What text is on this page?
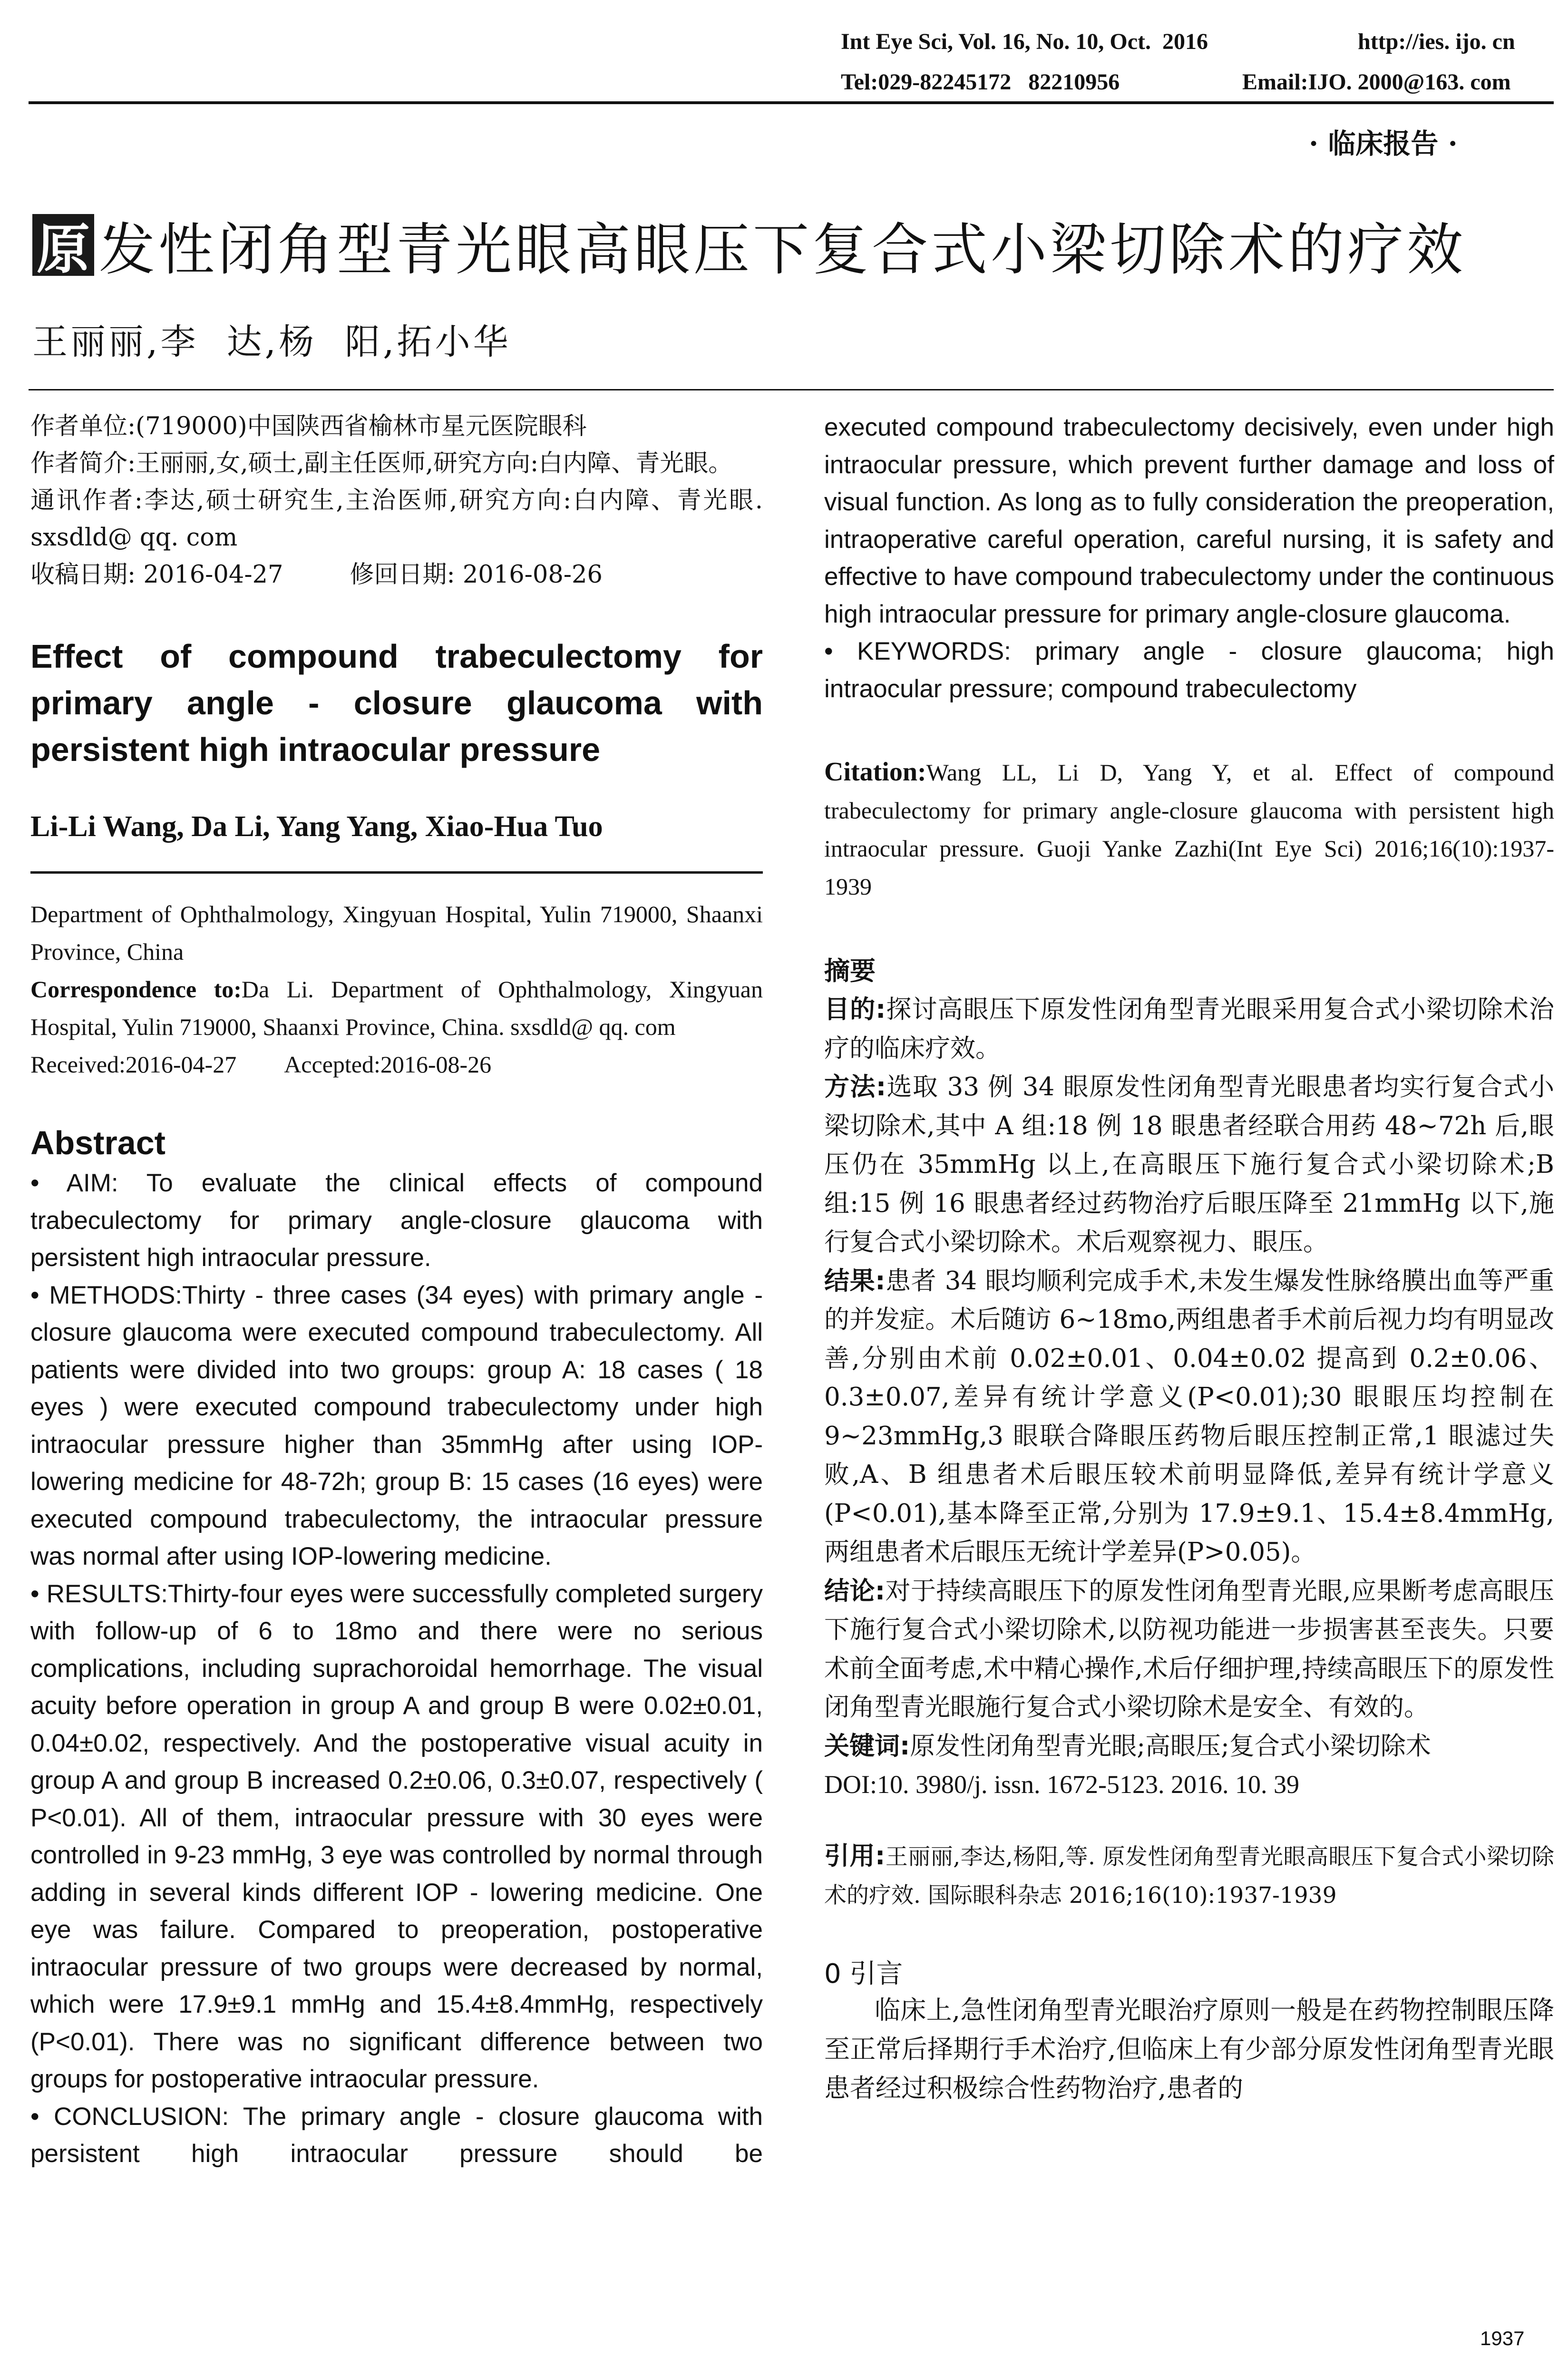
Int Eye Sci, Vol. 16, No. 10, Oct.  2016	http://ies. ijo. cn
Tel:029-82245172   82210956	Email:IJO. 2000@163. com
· 临床报告 ·
原 发性闭角型青光眼高眼压下复合式小梁切除术的疗效
王丽丽,李  达,杨  阳,拓小华

作者单位:(719000)中国陕西省榆林市星元医院眼科

作者简介:王丽丽,女,硕士,副主任医师,研究方向:白内障、青光眼。

通讯作者:李达,硕士研究生,主治医师,研究方向:白内障、青光眼. sxsdld@ qq. com

收稿日期: 2016-04-27	修回日期: 2016-08-26
Effect of compound trabeculectomy for primary angle - closure glaucoma with persistent high intraocular pressure
Li-Li Wang, Da Li, Yang Yang, Xiao-Hua Tuo

Department of Ophthalmology, Xingyuan Hospital, Yulin 719000, Shaanxi Province, China

Correspondence to:Da Li. Department of Ophthalmology, Xingyuan Hospital, Yulin 719000, Shaanxi Province, China. sxsdld@ qq. com

Received:2016-04-27 Accepted:2016-08-26
Abstract

• AIM: To evaluate the clinical effects of compound trabeculectomy for primary angle-closure glaucoma with persistent high intraocular pressure.

• METHODS:Thirty - three cases (34 eyes) with primary angle - closure glaucoma were executed compound trabeculectomy. All patients were divided into two groups: group A: 18 cases ( 18 eyes ) were executed compound trabeculectomy under high intraocular pressure higher than 35mmHg after using IOP-lowering medicine for 48-72h; group B: 15 cases (16 eyes) were executed compound trabeculectomy, the intraocular pressure was normal after using IOP-lowering medicine.

• RESULTS:Thirty-four eyes were successfully completed surgery with follow-up of 6 to 18mo and there were no serious complications, including suprachoroidal hemorrhage. The visual acuity before operation in group A and group B were 0.02±0.01, 0.04±0.02, respectively. And the postoperative visual acuity in group A and group B increased 0.2±0.06, 0.3±0.07, respectively ( P<0.01). All of them, intraocular pressure with 30 eyes were controlled in 9-23 mmHg, 3 eye was controlled by normal through adding in several kinds different IOP - lowering medicine. One eye was failure. Compared to preoperation, postoperative intraocular pressure of two groups were decreased by normal, which were 17.9±9.1 mmHg and 15.4±8.4mmHg, respectively (P<0.01). There was no significant difference between two groups for postoperative intraocular pressure.

• CONCLUSION: The primary angle - closure glaucoma with persistent high intraocular pressure should be

executed compound trabeculectomy decisively, even under high intraocular pressure, which prevent further damage and loss of visual function. As long as to fully consideration the preoperation, intraoperative careful operation, careful nursing, it is safety and effective to have compound trabeculectomy under the continuous high intraocular pressure for primary angle-closure glaucoma.

• KEYWORDS: primary angle - closure glaucoma; high intraocular pressure; compound trabeculectomy

Citation:Wang LL, Li D, Yang Y, et al. Effect of compound trabeculectomy for primary angle-closure glaucoma with persistent high intraocular pressure. Guoji Yanke Zazhi(Int Eye Sci) 2016;16(10):1937-1939

摘要

目的:探讨高眼压下原发性闭角型青光眼采用复合式小梁切除术治疗的临床疗效。

方法:选取 33 例 34 眼原发性闭角型青光眼患者均实行复合式小梁切除术,其中 A 组:18 例 18 眼患者经联合用药 48~72h 后,眼压仍在 35mmHg 以上,在高眼压下施行复合式小梁切除术;B 组:15 例 16 眼患者经过药物治疗后眼压降至 21mmHg 以下,施行复合式小梁切除术。术后观察视力、眼压。

结果:患者 34 眼均顺利完成手术,未发生爆发性脉络膜出血等严重的并发症。术后随访 6~18mo,两组患者手术前后视力均有明显改善,分别由术前 0.02±0.01、0.04±0.02 提高到 0.2±0.06、0.3±0.07,差异有统计学意义(P<0.01);30 眼眼压均控制在 9~23mmHg,3 眼联合降眼压药物后眼压控制正常,1 眼滤过失败,A、B 组患者术后眼压较术前明显降低,差异有统计学意义(P<0.01),基本降至正常,分别为 17.9±9.1、15.4±8.4mmHg,两组患者术后眼压无统计学差异(P>0.05)。

结论:对于持续高眼压下的原发性闭角型青光眼,应果断考虑高眼压下施行复合式小梁切除术,以防视功能进一步损害甚至丧失。只要术前全面考虑,术中精心操作,术后仔细护理,持续高眼压下的原发性闭角型青光眼施行复合式小梁切除术是安全、有效的。

关键词:原发性闭角型青光眼;高眼压;复合式小梁切除术

DOI:10. 3980/j. issn. 1672-5123. 2016. 10. 39

引用:王丽丽,李达,杨阳,等. 原发性闭角型青光眼高眼压下复合式小梁切除术的疗效. 国际眼科杂志 2016;16(10):1937-1939

0 引言

临床上,急性闭角型青光眼治疗原则一般是在药物控制眼压降至正常后择期行手术治疗,但临床上有少部分原发性闭角型青光眼患者经过积极综合性药物治疗,患者的

1937
